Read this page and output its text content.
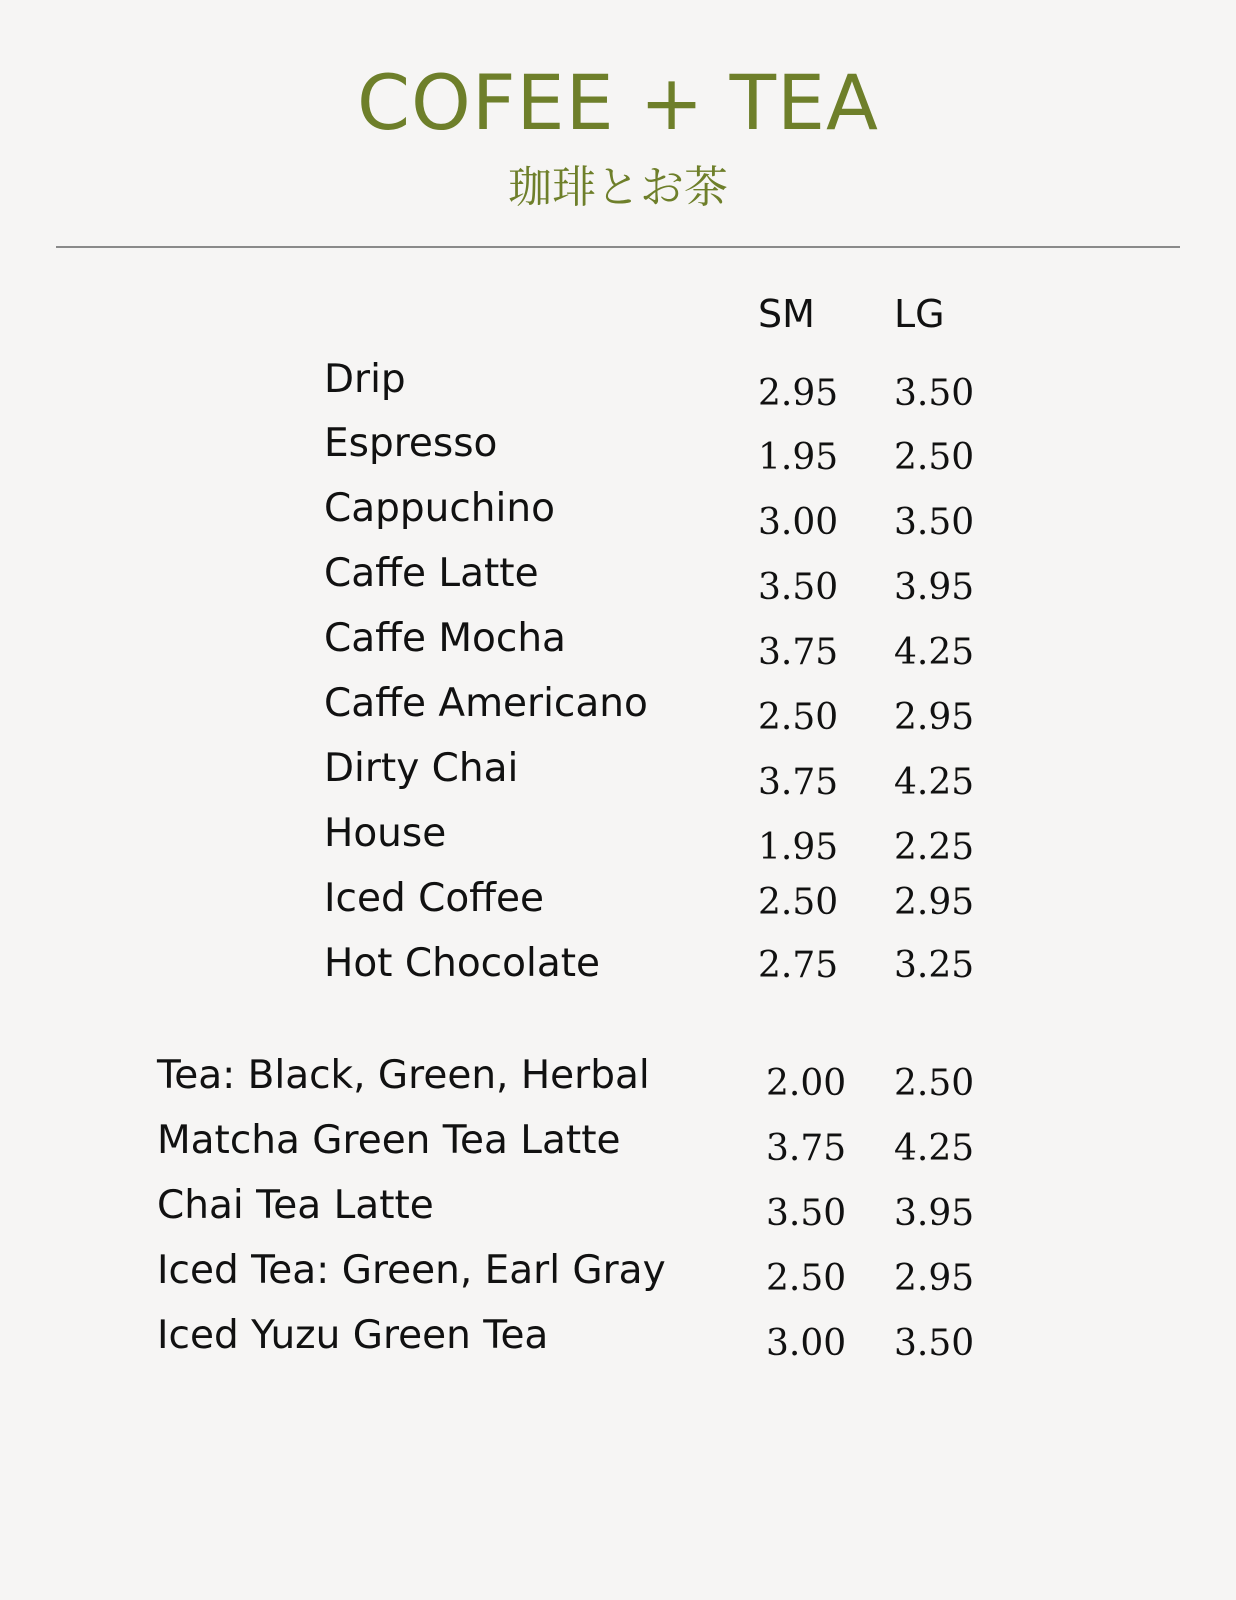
COFEE + TEA
珈琲とお茶
SM LG
Drip	2.95 3.50
Espresso	1.95 2.50
Cappuchino	3.00 3.50
Caffe Latte	3.50 3.95
Caffe Mocha	3.75 4.25
Caffe Americano	2.50 2.95
Dirty Chai	3.75 4.25
House	1.95 2.25
Iced Coffee	2.50 2.95
Hot Chocolate	2.75 3.25
Tea: Black, Green, Herbal	2.00 2.50
Matcha Green Tea Latte	3.75 4.25
Chai Tea Latte	3.50 3.95
Iced Tea: Green, Earl Gray	2.50 2.95
Iced Yuzu Green Tea	3.00 3.50
